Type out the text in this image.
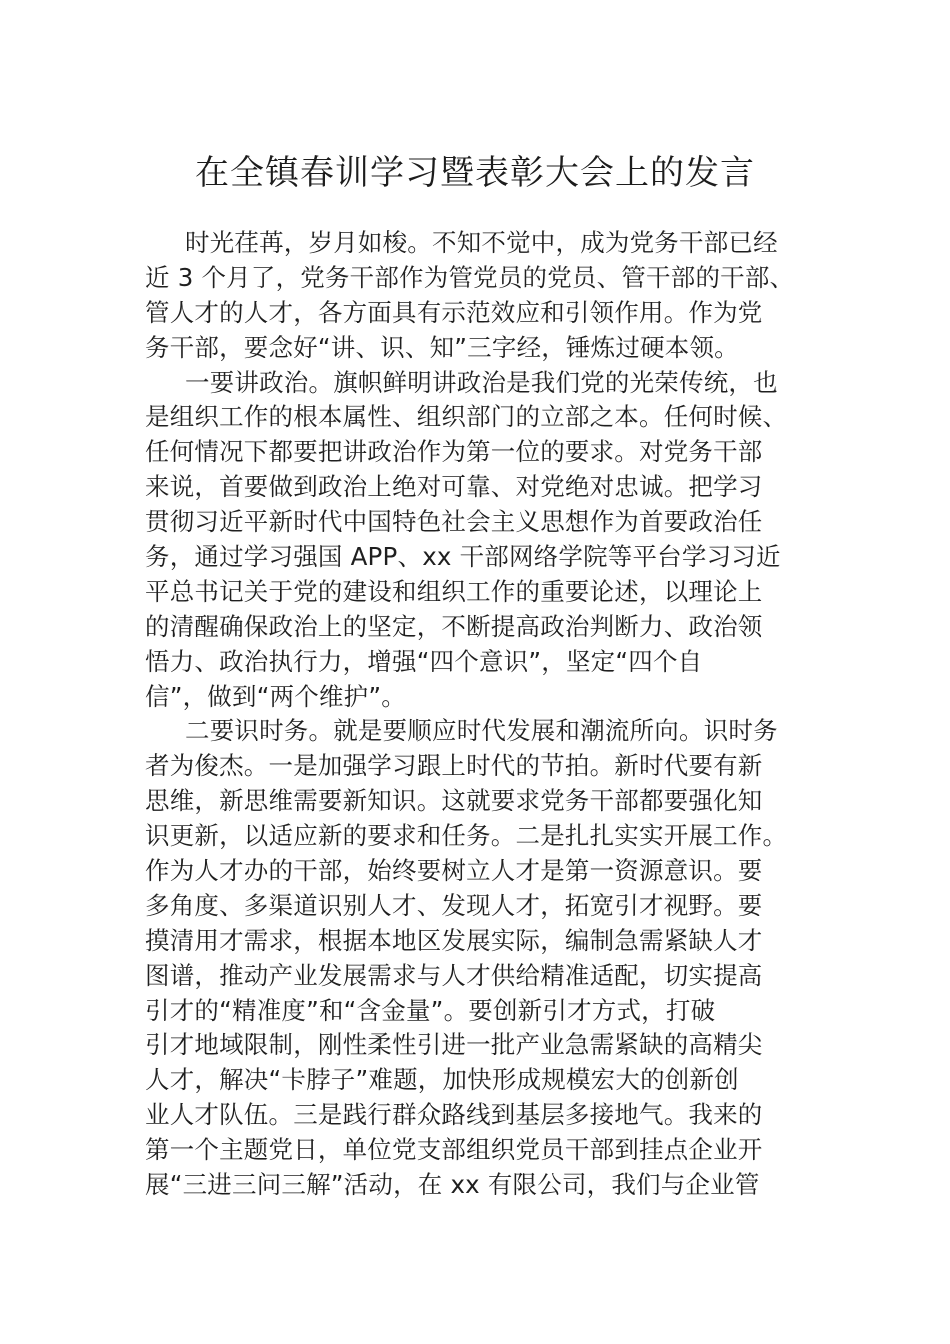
在全镇春训学习暨表彰大会上的发言
时光荏苒，岁月如梭。不知不觉中，成为党务干部已经
近 3 个月了，党务干部作为管党员的党员、管干部的干部、
管人才的人才，各方面具有示范效应和引领作用。作为党
务干部，要念好“讲、识、知”三字经，锤炼过硬本领。
一要讲政治。旗帜鲜明讲政治是我们党的光荣传统，也
是组织工作的根本属性、组织部门的立部之本。任何时候、
任何情况下都要把讲政治作为第一位的要求。对党务干部
来说，首要做到政治上绝对可靠、对党绝对忠诚。把学习
贯彻习近平新时代中国特色社会主义思想作为首要政治任
务，通过学习强国 APP、xx 干部网络学院等平台学习习近
平总书记关于党的建设和组织工作的重要论述，以理论上
的清醒确保政治上的坚定，不断提高政治判断力、政治领
悟力、政治执行力，增强“四个意识”，坚定“四个自
信”，做到“两个维护”。
二要识时务。就是要顺应时代发展和潮流所向。识时务
者为俊杰。一是加强学习跟上时代的节拍。新时代要有新
思维，新思维需要新知识。这就要求党务干部都要强化知
识更新，以适应新的要求和任务。二是扎扎实实开展工作。
作为人才办的干部，始终要树立人才是第一资源意识。要
多角度、多渠道识别人才、发现人才，拓宽引才视野。要
摸清用才需求，根据本地区发展实际，编制急需紧缺人才
图谱，推动产业发展需求与人才供给精准适配，切实提高
引才的“精准度”和“含金量”。要创新引才方式，打破
引才地域限制，刚性柔性引进一批产业急需紧缺的高精尖
人才，解决“卡脖子”难题，加快形成规模宏大的创新创
业人才队伍。三是践行群众路线到基层多接地气。我来的
第一个主题党日，单位党支部组织党员干部到挂点企业开
展“三进三问三解”活动，在 xx 有限公司，我们与企业管
